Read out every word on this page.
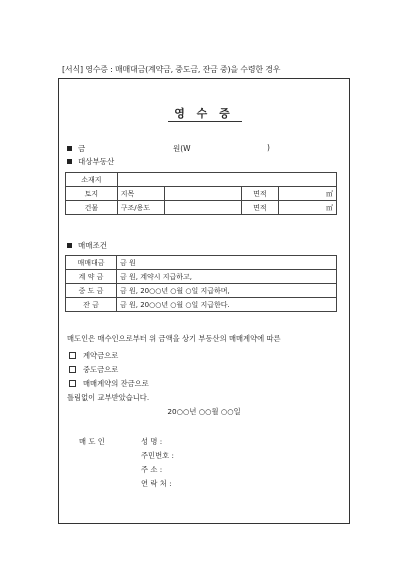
[서식] 영수증 : 매매대금(계약금, 중도금, 잔금 중)을 수령한 경우
영 수 증
금	원(W	)
대상부동산
소재지				
토지	지목		면적	㎡
건물	구조/용도		면적	㎡
매매조건
매매대금	금 원
계 약 금	금 원, 계약시 지급하고,
중 도 금	금 원, 20○○년 ○월 ○일 지급하며,
잔 금	금 원, 20○○년 ○월 ○일 지급한다.
매도인은 매수인으로부터 위 금액을 상기 부동산의 매매계약에 따른
계약금으로
중도금으로
매매계약의 잔금으로
틀림없이 교부받았습니다.
20○○년 ○○월 ○○일
매 도 인	성 명 :
주민번호 :
주 소 :
연 락 처 :
